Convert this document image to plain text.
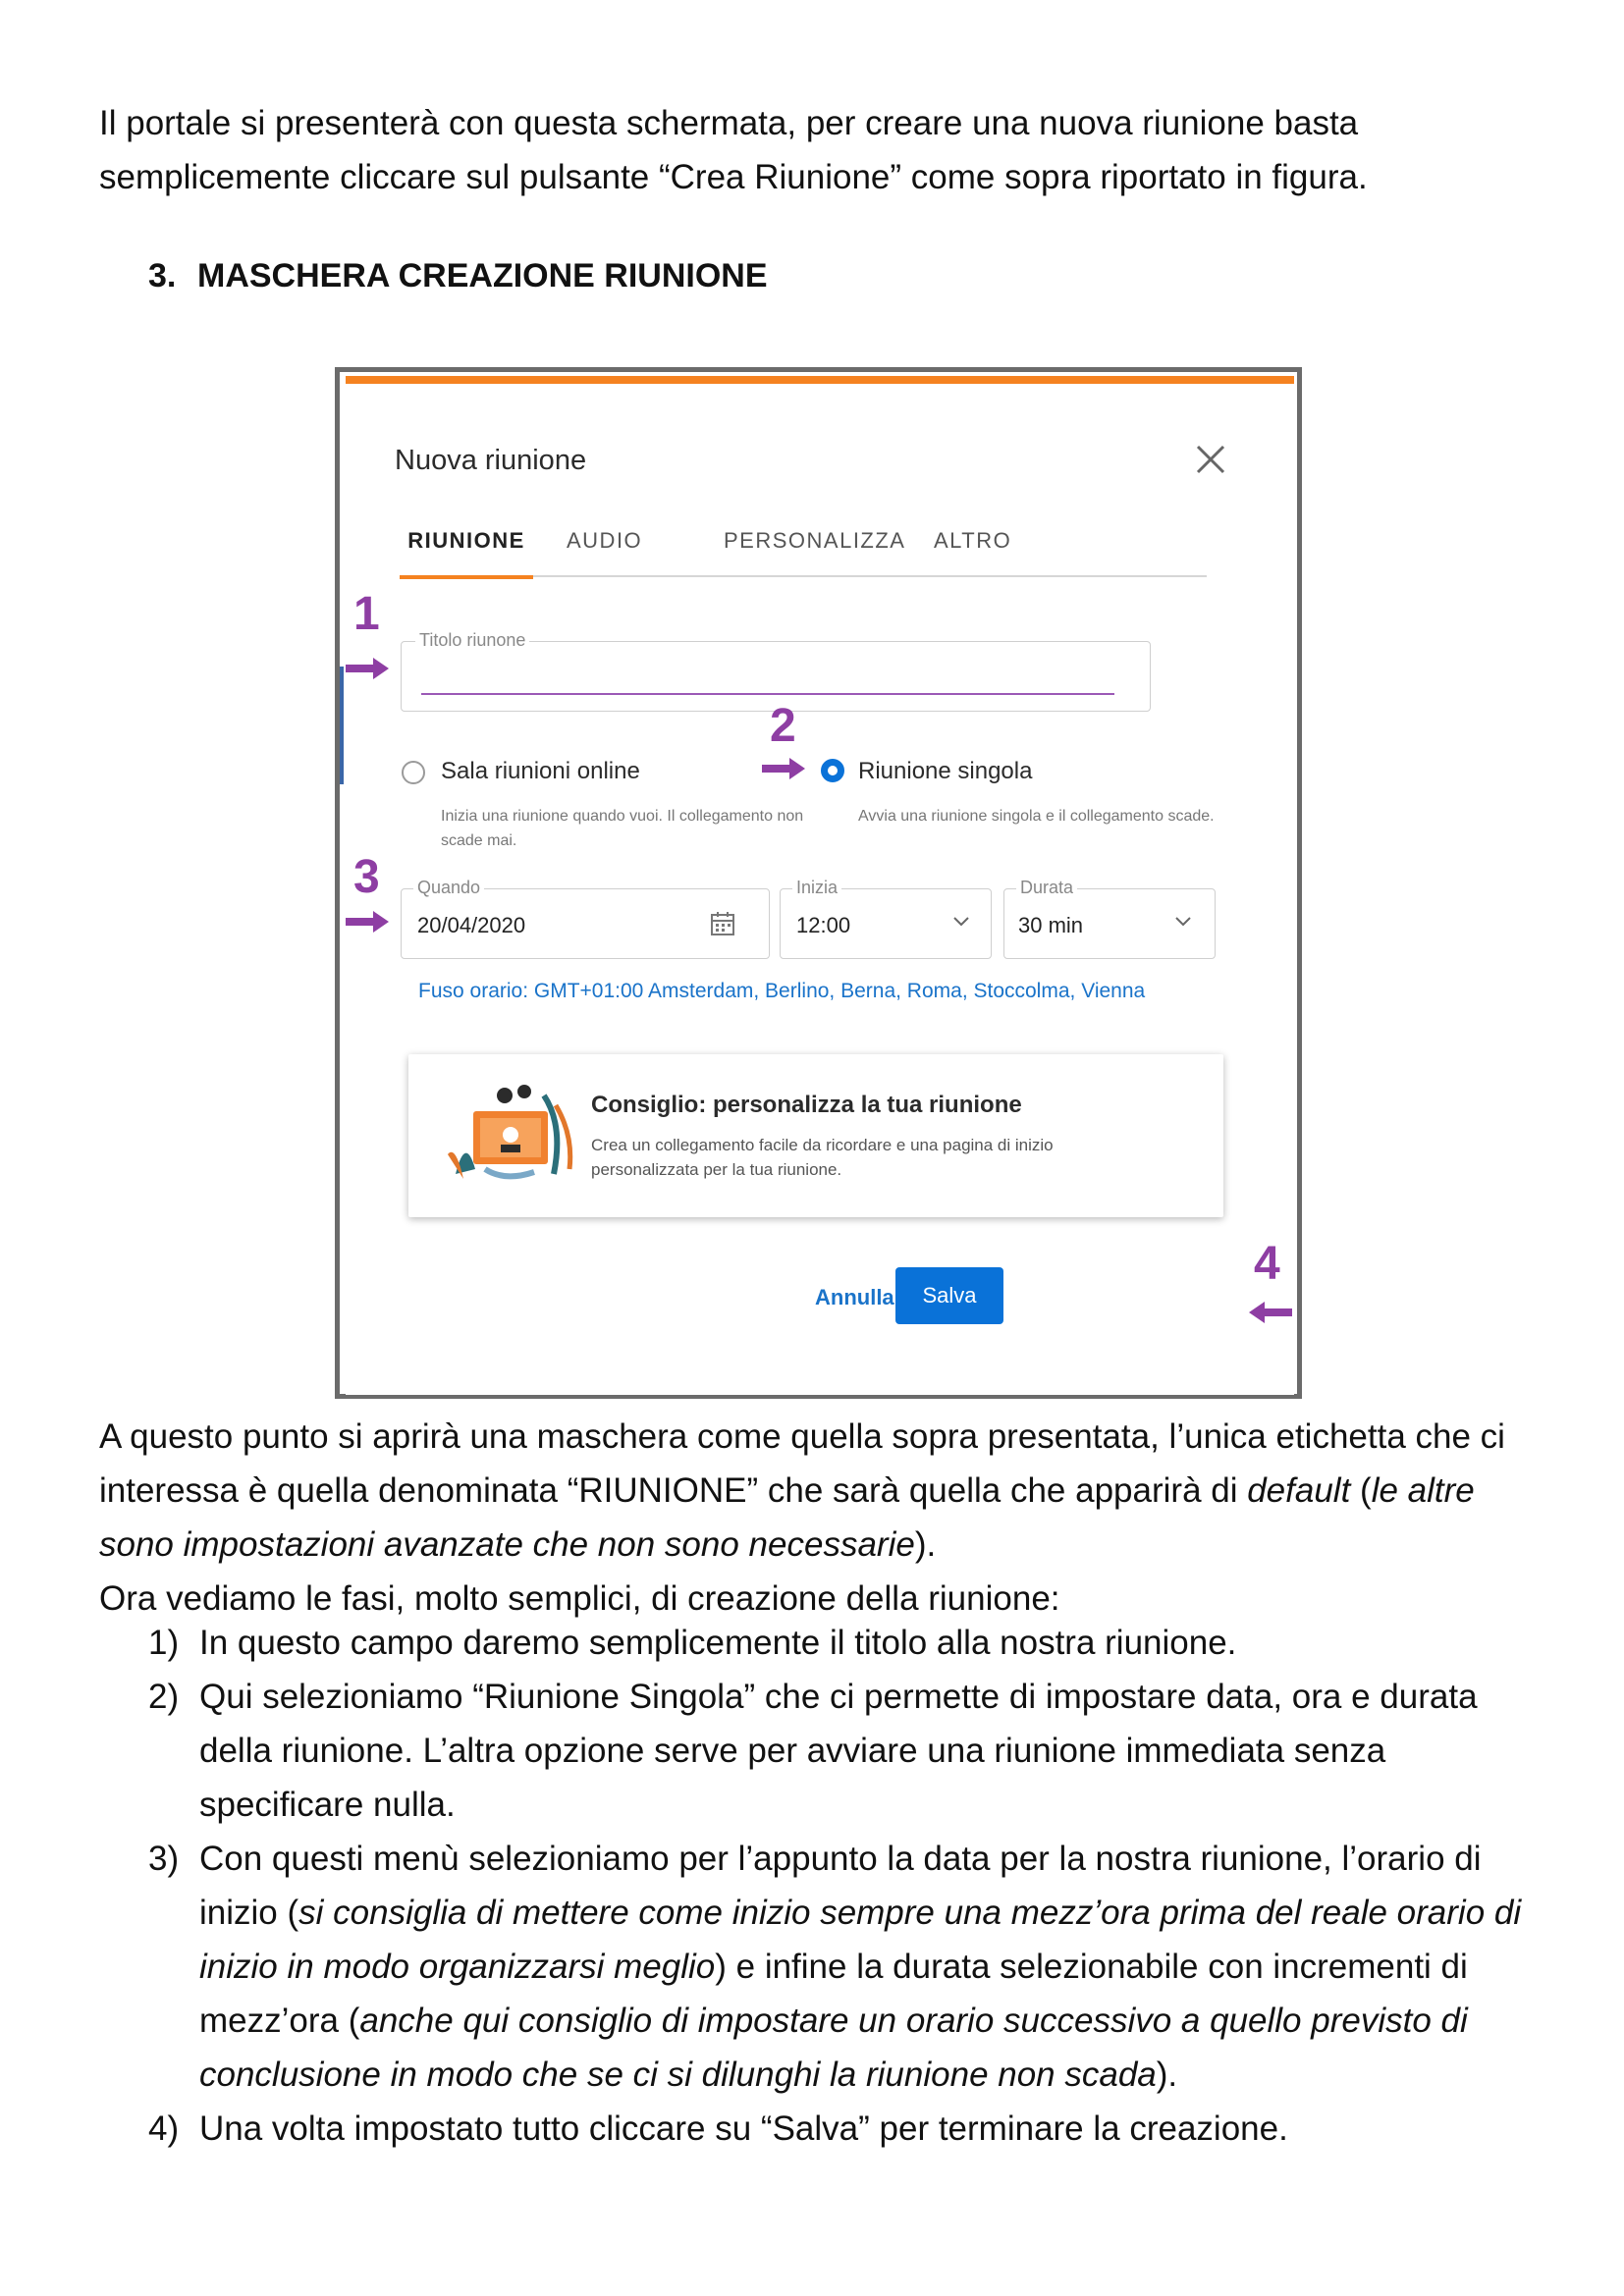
Il portale si presenterà con questa schermata, per creare una nuova riunione basta semplicemente cliccare sul pulsante “Crea Riunione” come sopra riportato in figura.
3. MASCHERA CREAZIONE RIUNIONE
Nuova riunione
RIUNIONE	AUDIO	PERSONALIZZA ALTRO
Titolo riunone
Sala riunioni online
Inizia una riunione quando vuoi. Il collegamento non scade mai.
Riunione singola
Avvia una riunione singola e il collegamento scade.
Quando
20/04/2020
Inizia
12:00
Durata
30 min
Fuso orario: GMT+01:00 Amsterdam, Berlino, Berna, Roma, Stoccolma, Vienna
Consiglio: personalizza la tua riunione
Crea un collegamento facile da ricordare e una pagina di inizio personalizzata per la tua riunione.
Annulla	Salva
1
2
3
4
A questo punto si aprirà una maschera come quella sopra presentata, l’unica etichetta che ci interessa è quella denominata “RIUNIONE” che sarà quella che apparirà di default (le altre sono impostazioni avanzate che non sono necessarie).
Ora vediamo le fasi, molto semplici, di creazione della riunione:
1) In questo campo daremo semplicemente il titolo alla nostra riunione.
2) Qui selezioniamo “Riunione Singola” che ci permette di impostare data, ora e durata della riunione. L’altra opzione serve per avviare una riunione immediata senza specificare nulla.
3) Con questi menù selezioniamo per l’appunto la data per la nostra riunione, l’orario di inizio (si consiglia di mettere come inizio sempre una mezz’ora prima del reale orario di inizio in modo organizzarsi meglio) e infine la durata selezionabile con incrementi di mezz’ora (anche qui consiglio di impostare un orario successivo a quello previsto di conclusione in modo che se ci si dilunghi la riunione non scada).
4) Una volta impostato tutto cliccare su “Salva” per terminare la creazione.
